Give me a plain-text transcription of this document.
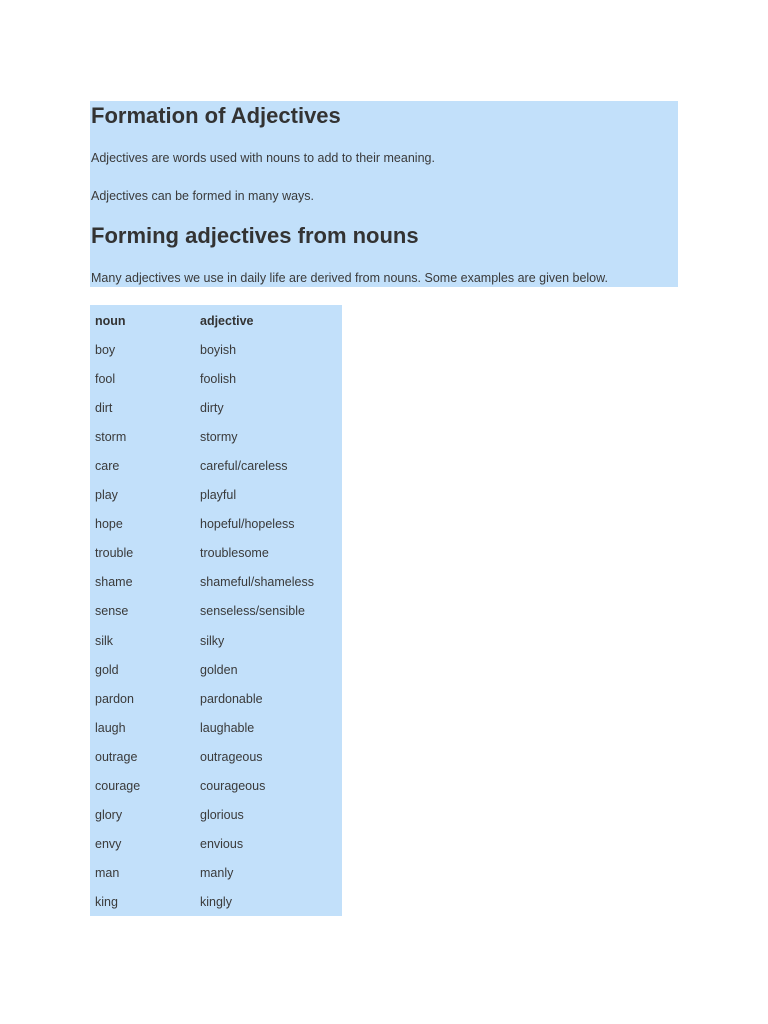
Formation of Adjectives

Adjectives are words used with nouns to add to their meaning.

Adjectives can be formed in many ways.

Forming adjectives from nouns

Many adjectives we use in daily life are derived from nouns. Some examples are given below.

noun	adjective
boy	boyish
fool	foolish
dirt	dirty
storm	stormy
care	careful/careless
play	playful
hope	hopeful/hopeless
trouble	troublesome
shame	shameful/shameless
sense	senseless/sensible
silk	silky
gold	golden
pardon	pardonable
laugh	laughable
outrage	outrageous
courage	courageous
glory	glorious
envy	envious
man	manly
king	kingly
